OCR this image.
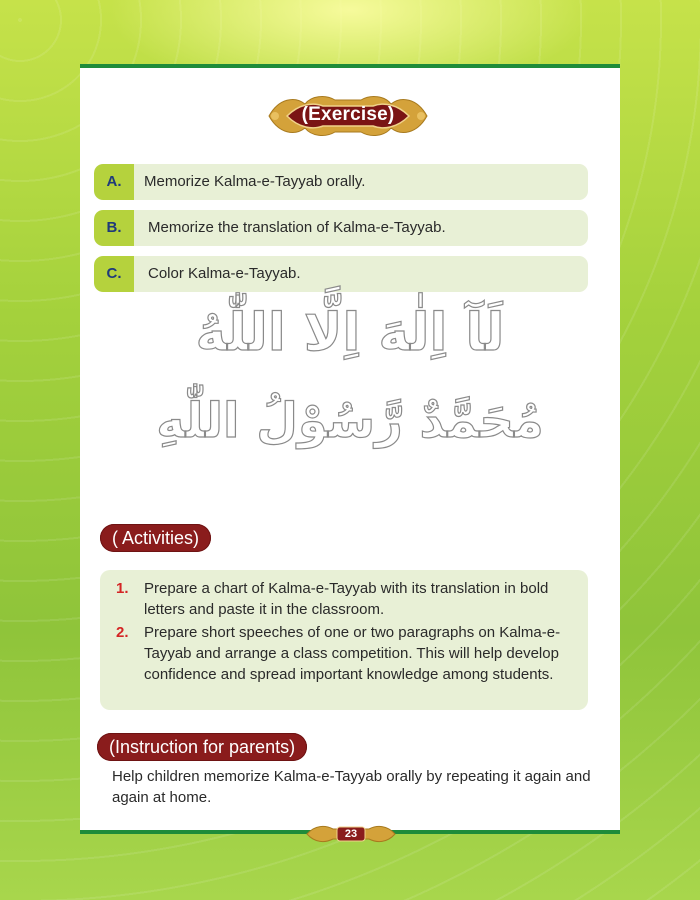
(Exercise)
A.	Memorize Kalma-e-Tayyab orally.
B.	Memorize the translation of Kalma-e-Tayyab.
C.	Color Kalma-e-Tayyab.
لَآ اِلٰهَ اِلَّا اللّٰهُ
مُحَمَّدٌ رَّسُوْلُ اللّٰهِ
( Activities)
1.	Prepare a chart of Kalma-e-Tayyab with its translation in bold letters and paste it in the classroom.
2.	Prepare short speeches of one or two paragraphs on Kalma-e-Tayyab and arrange a class competition. This will help develop confidence and spread important knowledge among students.
(Instruction for parents)
Help children memorize Kalma-e-Tayyab orally by repeating it again and again at home.
23
